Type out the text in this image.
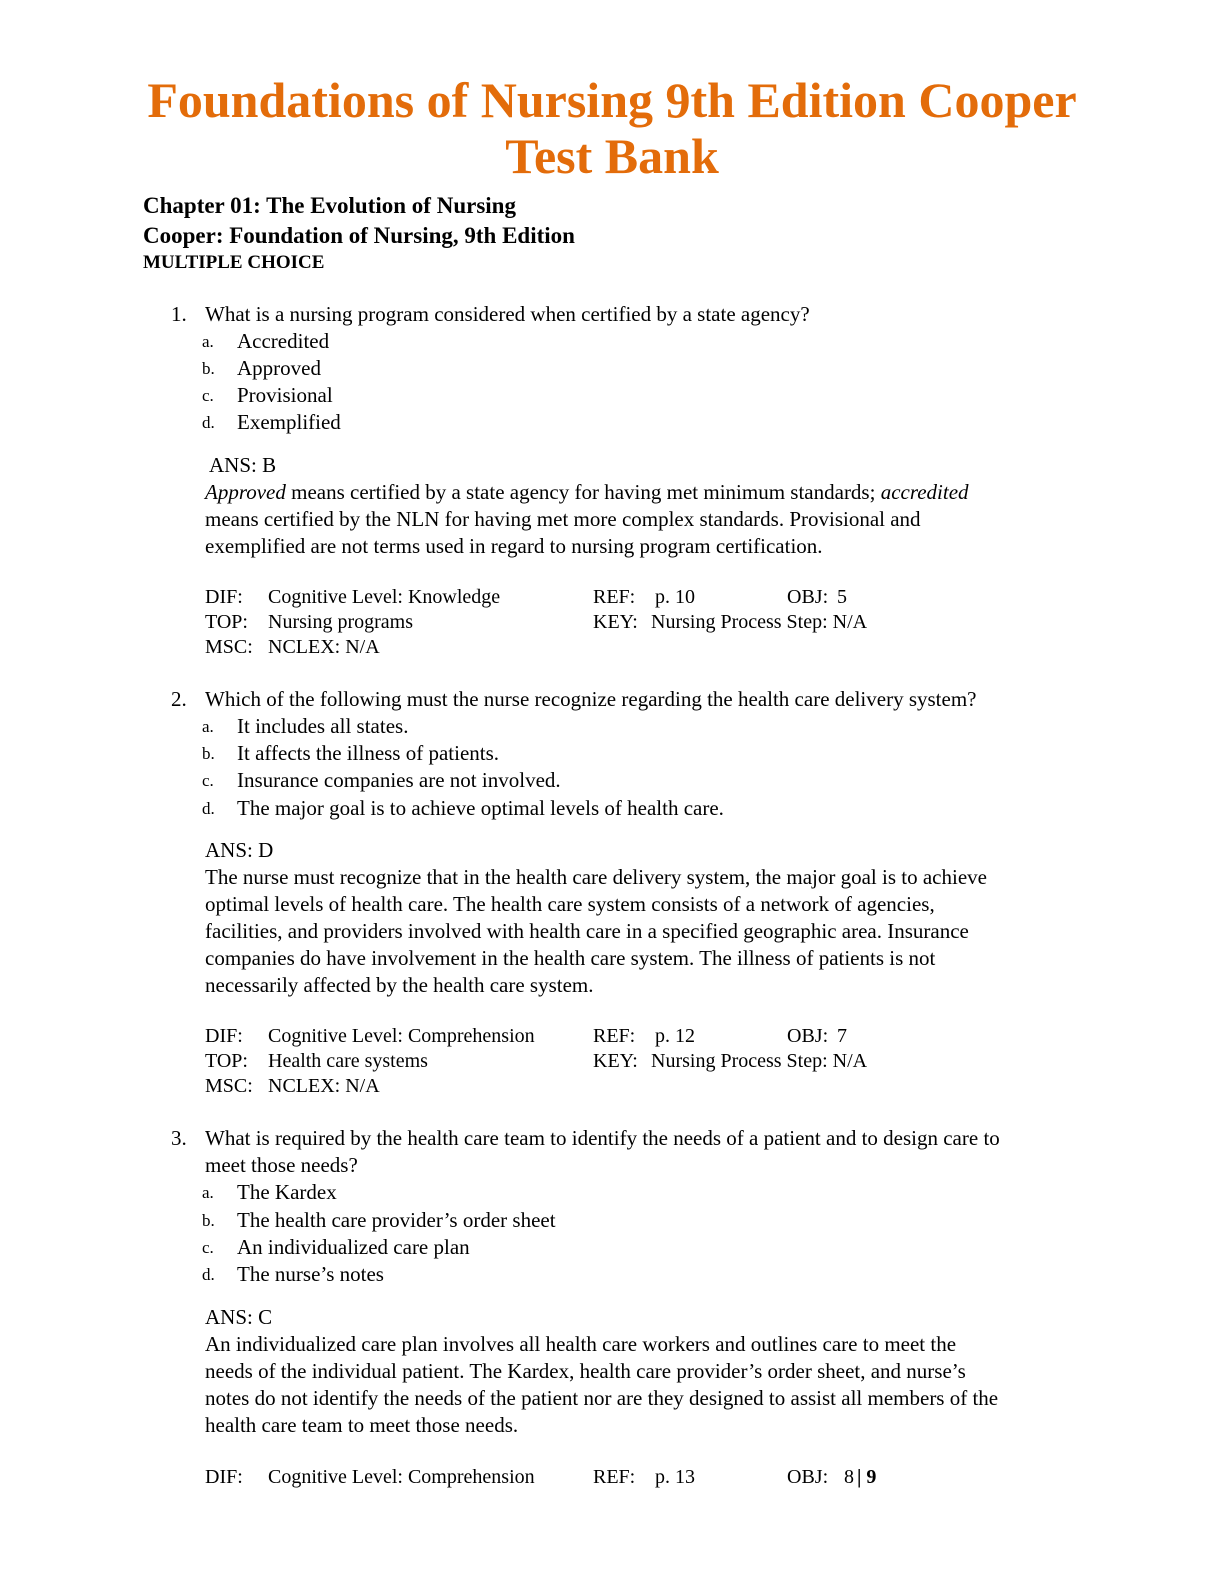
Foundations of Nursing 9th Edition Cooper
Test Bank
Chapter 01: The Evolution of Nursing
Cooper: Foundation of Nursing, 9th Edition
MULTIPLE CHOICE
1. What is a nursing program considered when certified by a state agency?
a. Accredited
b. Approved
c. Provisional
d. Exemplified
ANS: B
Approved means certified by a state agency for having met minimum standards; accredited
means certified by the NLN for having met more complex standards. Provisional and
exemplified are not terms used in regard to nursing program certification.
DIF: Cognitive Level: Knowledge	REF: p. 10	OBJ: 5
TOP: Nursing programs	KEY: Nursing Process Step: N/A
MSC: NCLEX: N/A
2. Which of the following must the nurse recognize regarding the health care delivery system?
a. It includes all states.
b. It affects the illness of patients.
c. Insurance companies are not involved.
d. The major goal is to achieve optimal levels of health care.
ANS: D
The nurse must recognize that in the health care delivery system, the major goal is to achieve
optimal levels of health care. The health care system consists of a network of agencies,
facilities, and providers involved with health care in a specified geographic area. Insurance
companies do have involvement in the health care system. The illness of patients is not
necessarily affected by the health care system.
DIF: Cognitive Level: Comprehension	REF: p. 12	OBJ: 7
TOP: Health care systems	KEY: Nursing Process Step: N/A
MSC: NCLEX: N/A
3. What is required by the health care team to identify the needs of a patient and to design care to
meet those needs?
a. The Kardex
b. The health care provider’s order sheet
c. An individualized care plan
d. The nurse’s notes
ANS: C
An individualized care plan involves all health care workers and outlines care to meet the
needs of the individual patient. The Kardex, health care provider’s order sheet, and nurse’s
notes do not identify the needs of the patient nor are they designed to assist all members of the
health care team to meet those needs.
DIF: Cognitive Level: Comprehension	REF: p. 13	OBJ: 8 | 9
